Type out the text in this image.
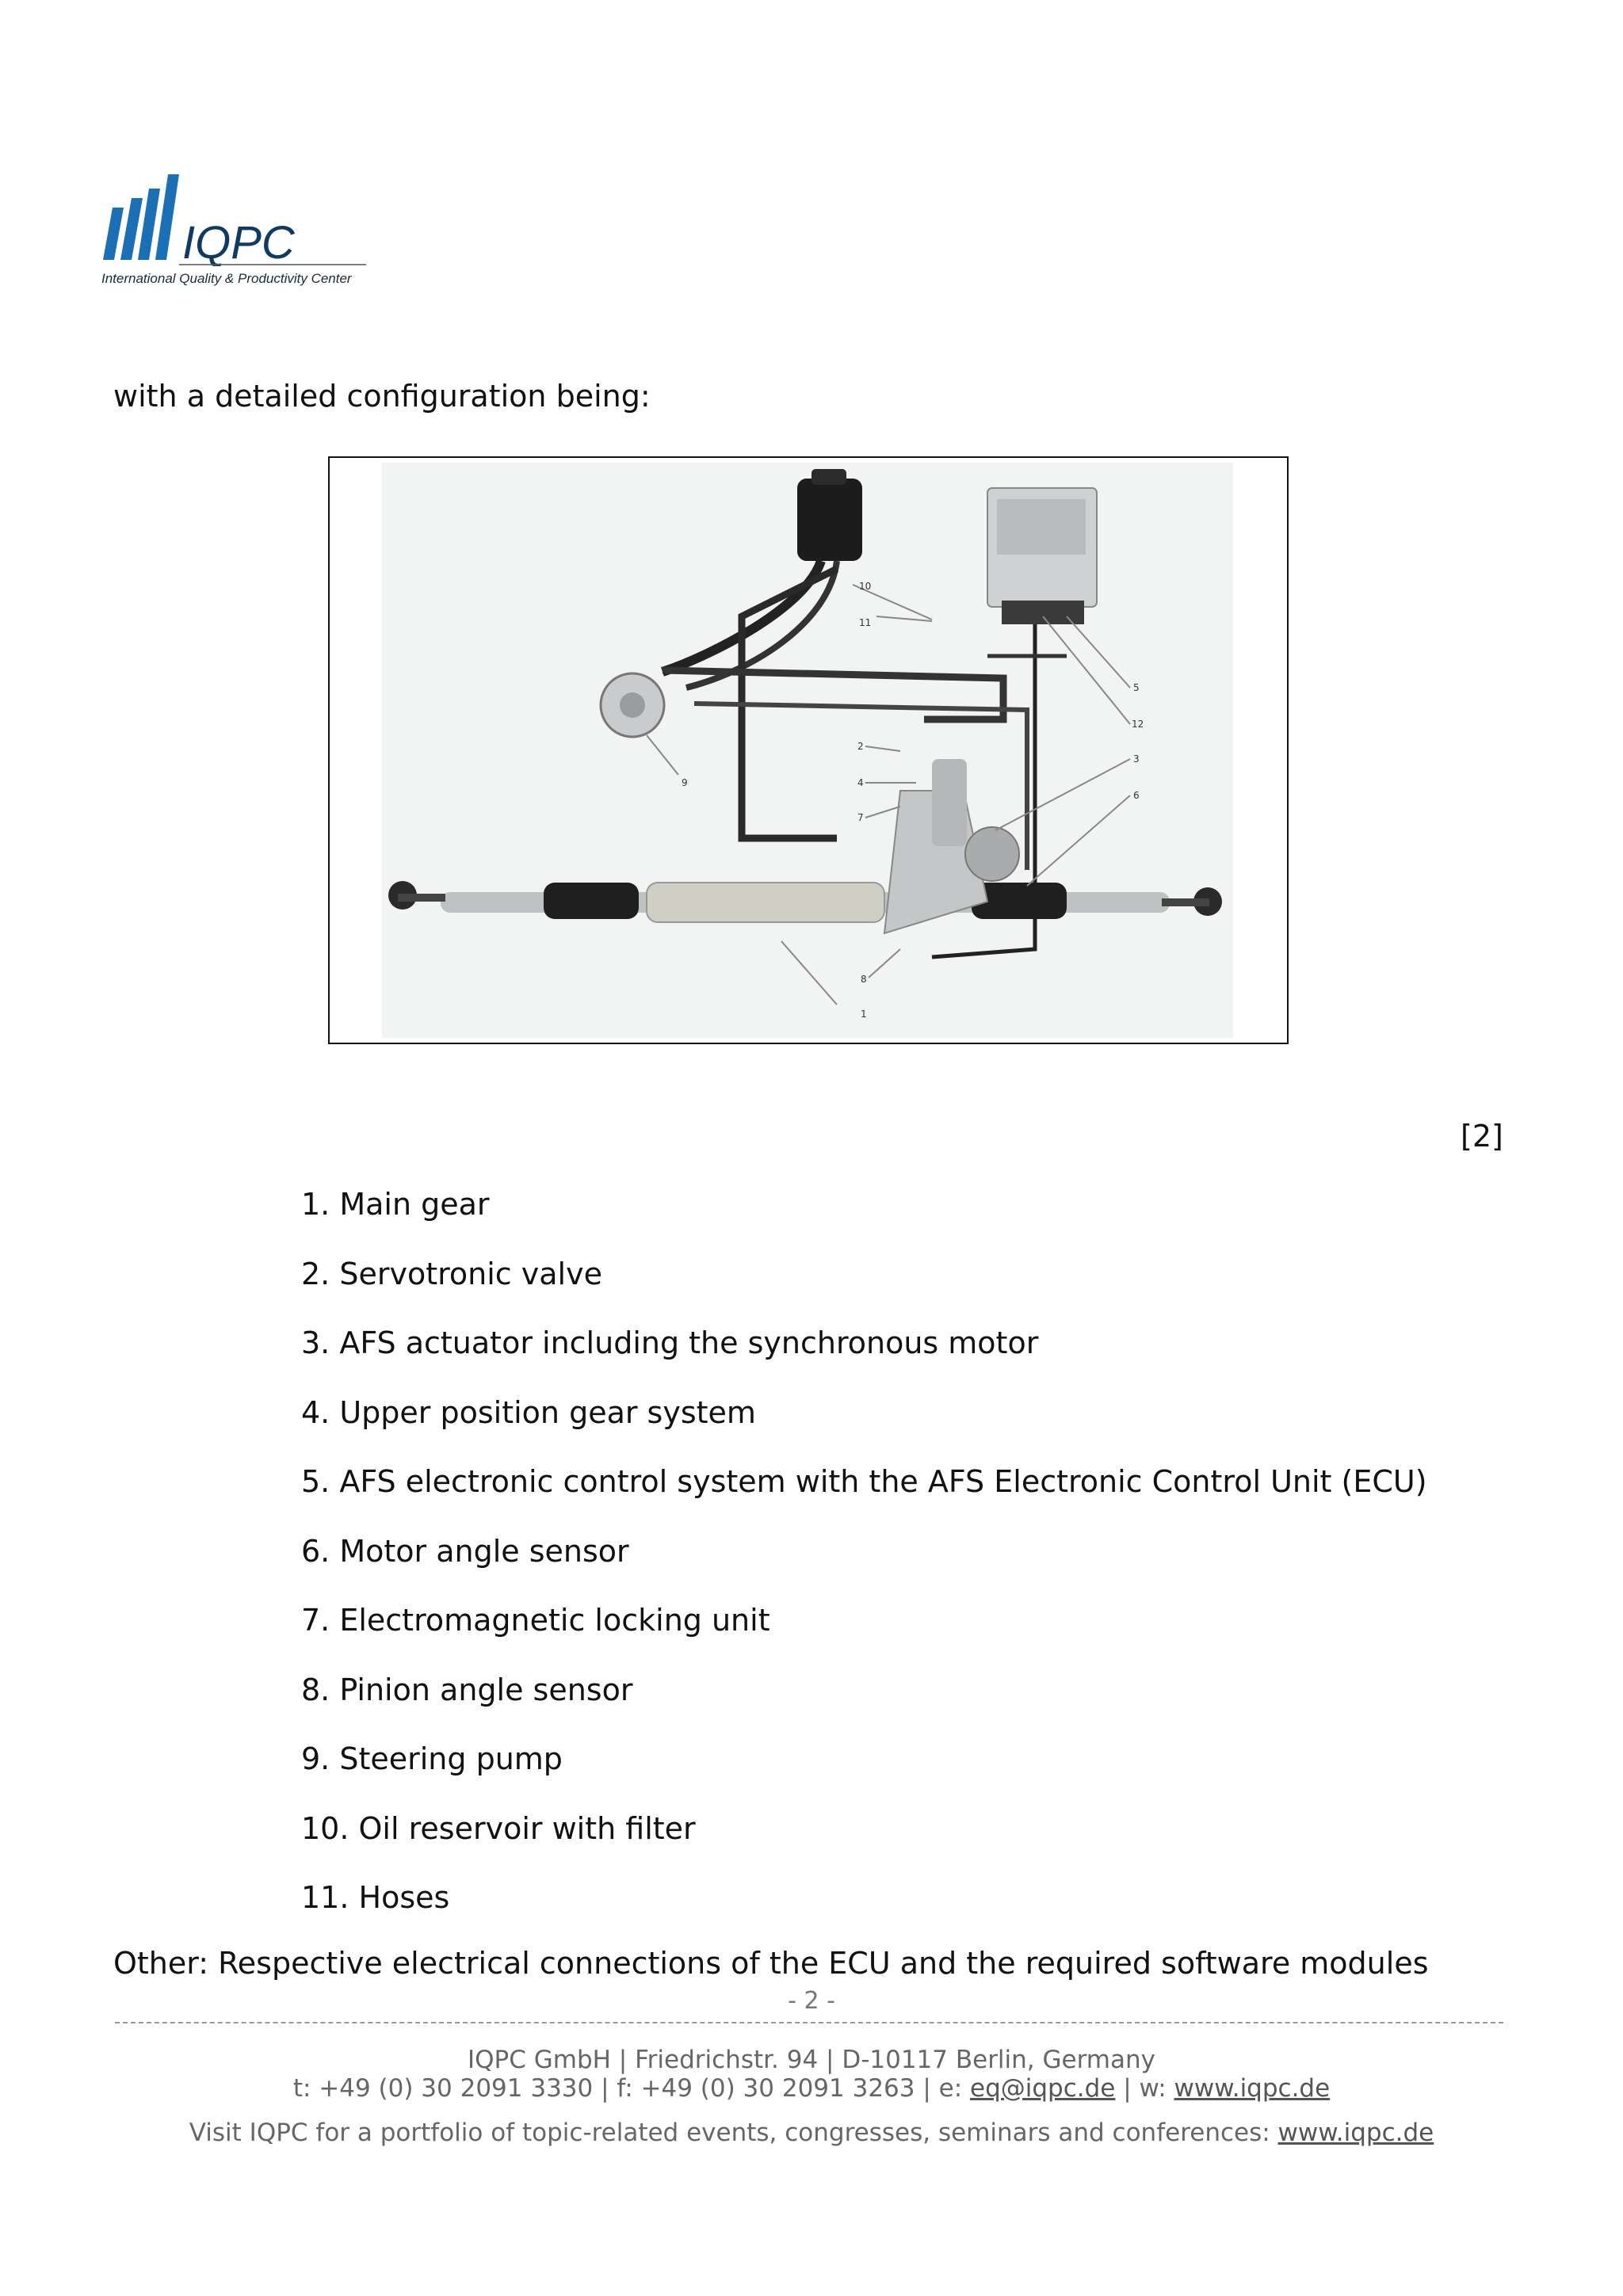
IQPC
International Quality & Productivity Center
with a detailed configuration being:
10
11
5
12
3
6
2
4
7
9
8
1
[2]
1. Main gear
2. Servotronic valve
3. AFS actuator including the synchronous motor
4. Upper position gear system
5. AFS electronic control system with the AFS Electronic Control Unit (ECU)
6. Motor angle sensor
7. Electromagnetic locking unit
8. Pinion angle sensor
9. Steering pump
10. Oil reservoir with filter
11. Hoses
Other: Respective electrical connections of the ECU and the required software modules
- 2 -
IQPC GmbH | Friedrichstr. 94 | D-10117 Berlin, Germany
t: +49 (0) 30 2091 3330 | f: +49 (0) 30 2091 3263 | e: eq@iqpc.de | w: www.iqpc.de
Visit IQPC for a portfolio of topic-related events, congresses, seminars and conferences: www.iqpc.de
